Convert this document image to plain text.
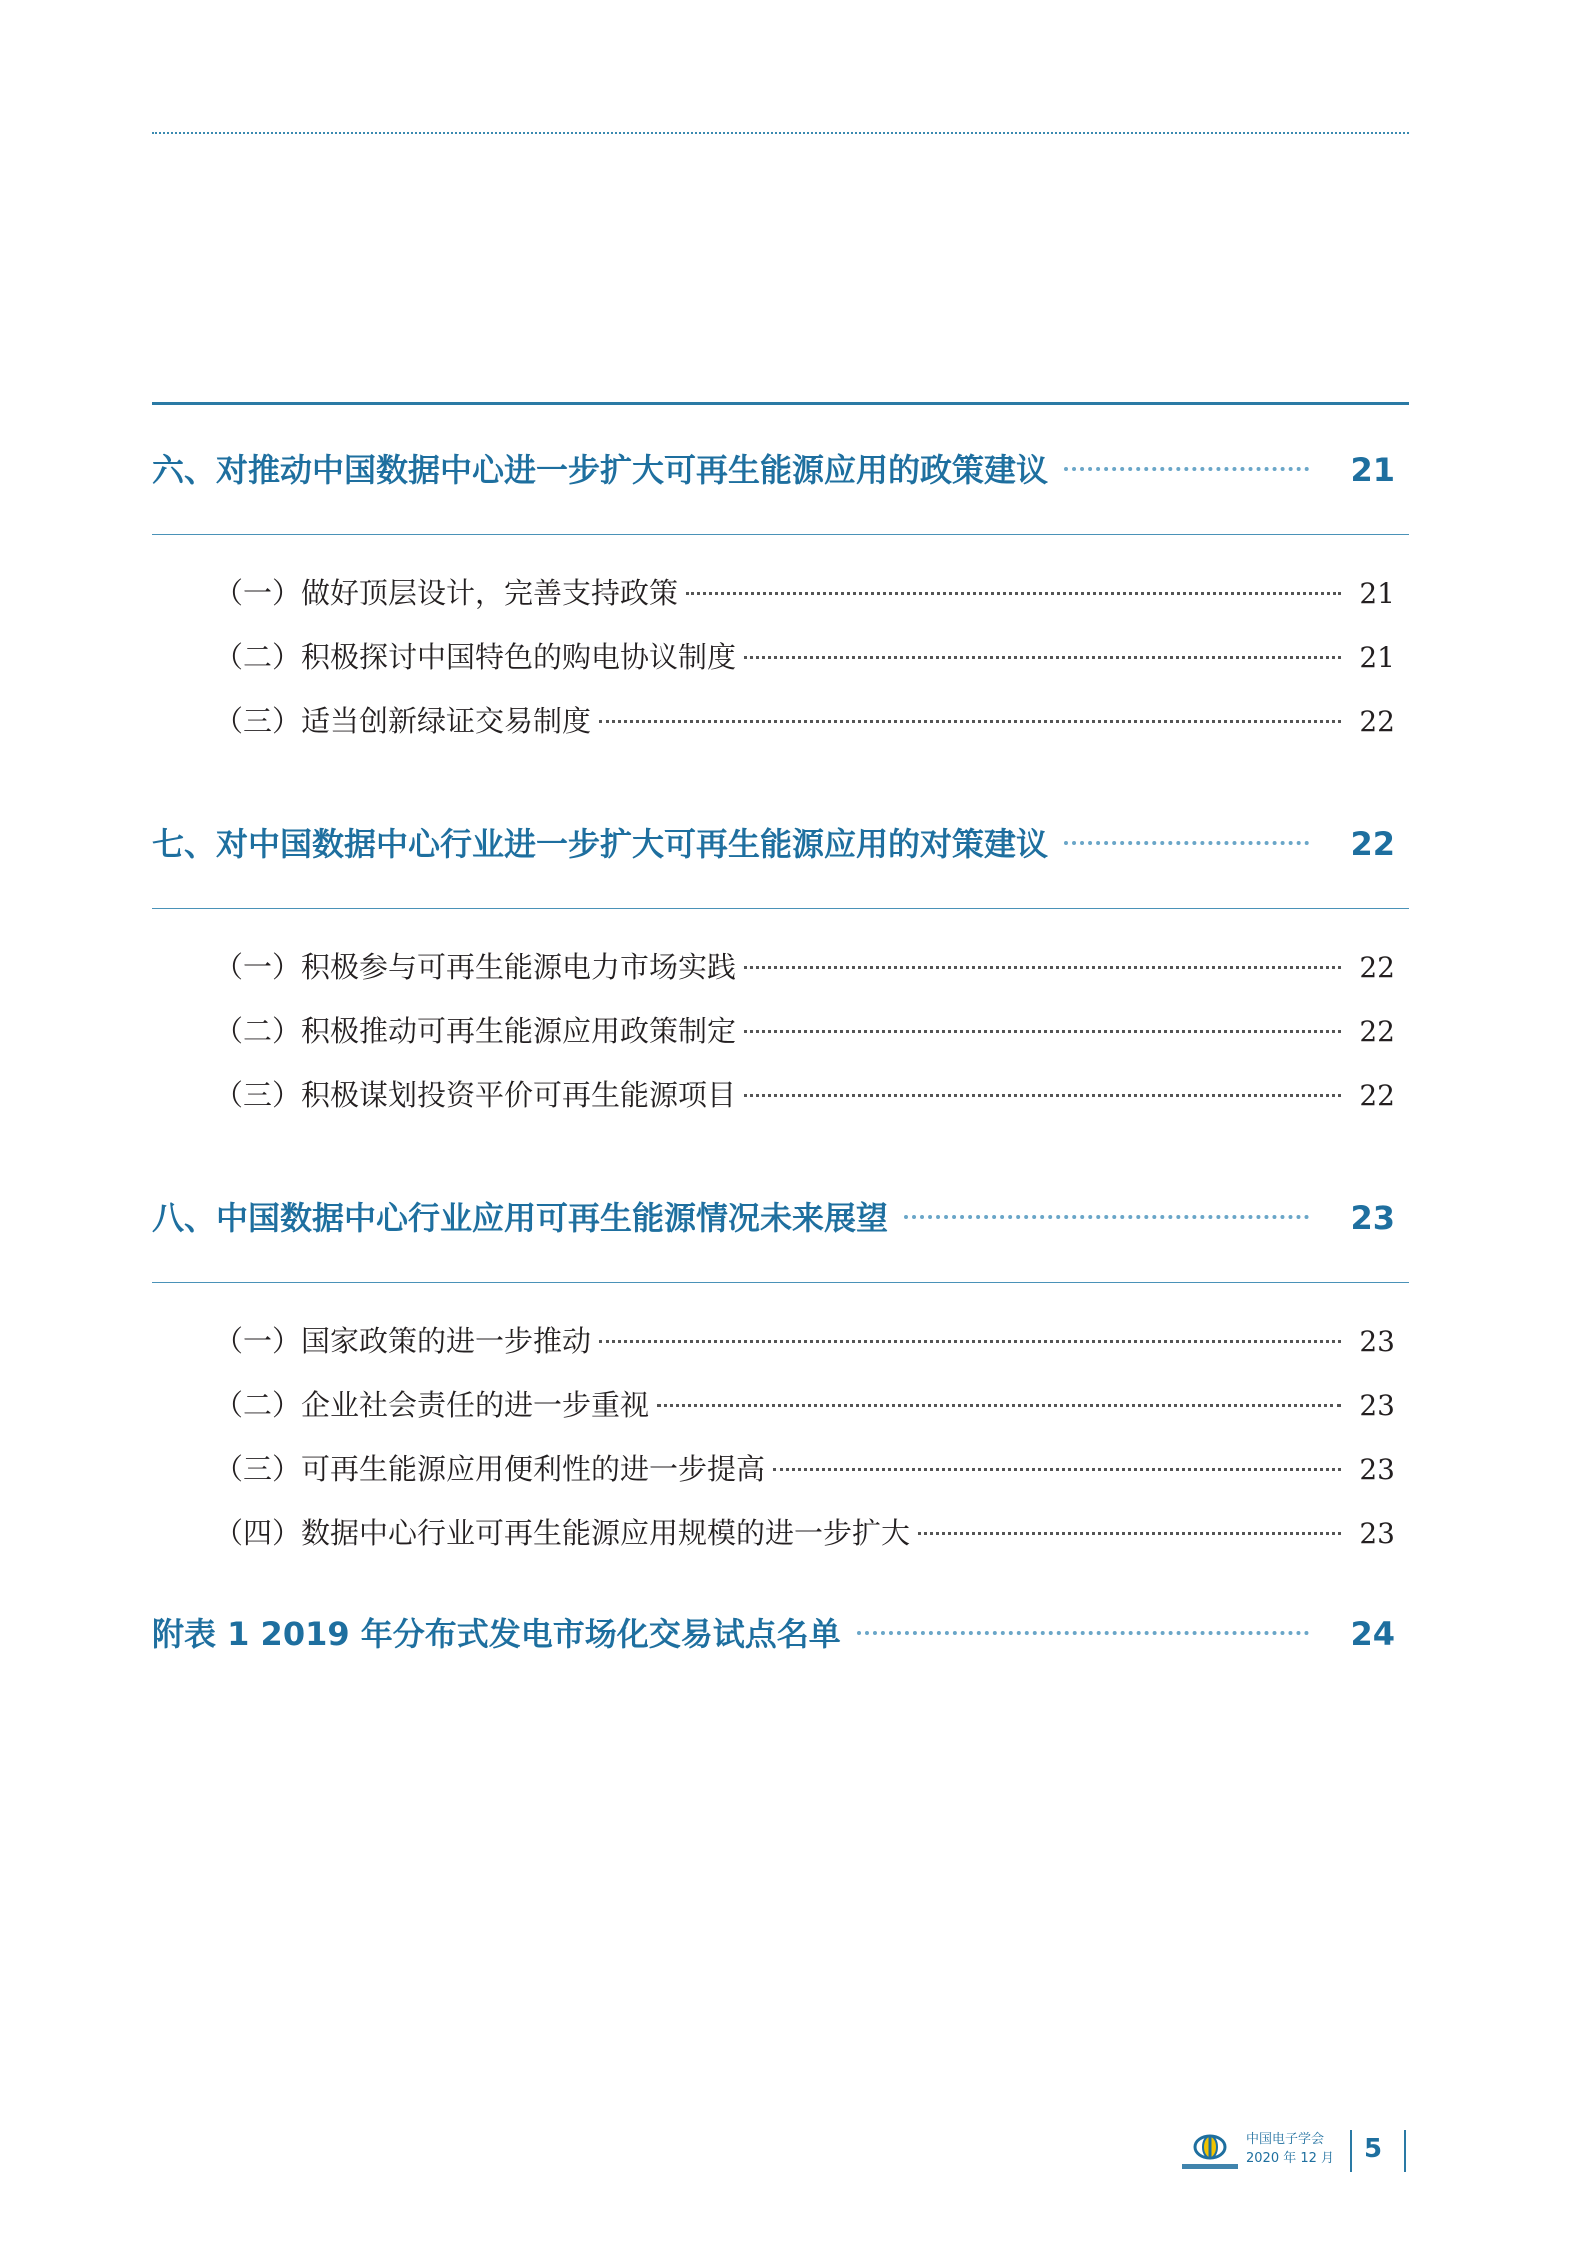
六、对推动中国数据中心进一步扩大可再生能源应用的政策建议	21
（一）做好顶层设计，完善支持政策	21
（二）积极探讨中国特色的购电协议制度	21
（三）适当创新绿证交易制度	22
七、对中国数据中心行业进一步扩大可再生能源应用的对策建议	22
（一）积极参与可再生能源电力市场实践	22
（二）积极推动可再生能源应用政策制定	22
（三）积极谋划投资平价可再生能源项目	22
八、中国数据中心行业应用可再生能源情况未来展望	23
（一）国家政策的进一步推动	23
（二）企业社会责任的进一步重视	23
（三）可再生能源应用便利性的进一步提高	23
（四）数据中心行业可再生能源应用规模的进一步扩大	23
附表 1 2019 年分布式发电市场化交易试点名单	24
中国电子学会
2020 年 12 月 5
